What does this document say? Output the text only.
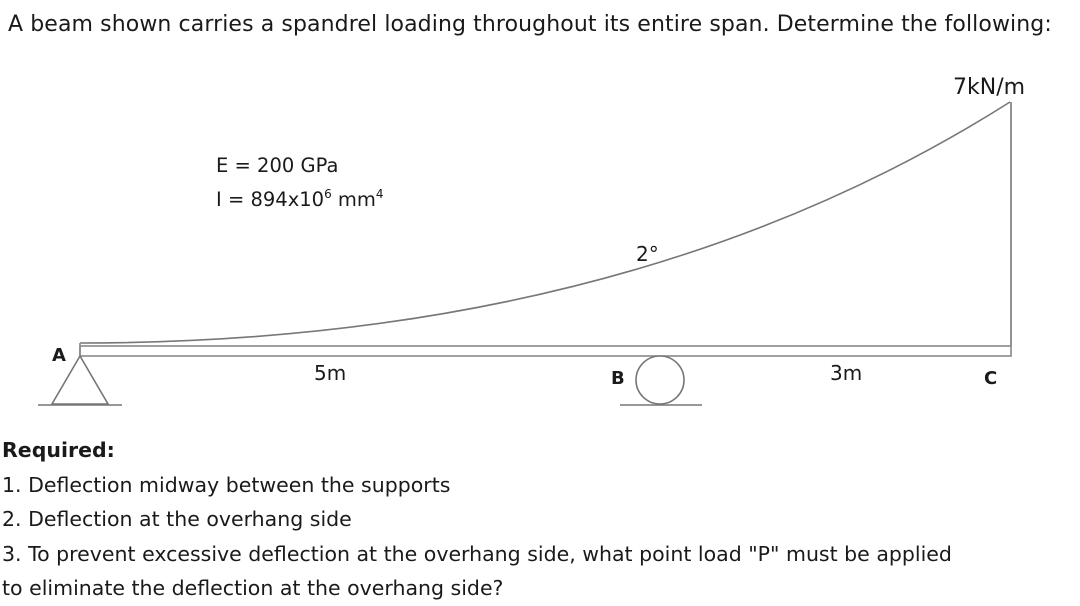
A beam shown carries a spandrel loading throughout its entire span. Determine the following:
7kN/m
E = 200 GPa
$I = 894x10^6$ $mm^4$
2°
A
5m	B	3m	C
Required:
1. Deflection midway between the supports
2. Deflection at the overhang side
3. To prevent excessive deflection at the overhang side, what point load "P" must be applied
to eliminate the deflection at the overhang side?
